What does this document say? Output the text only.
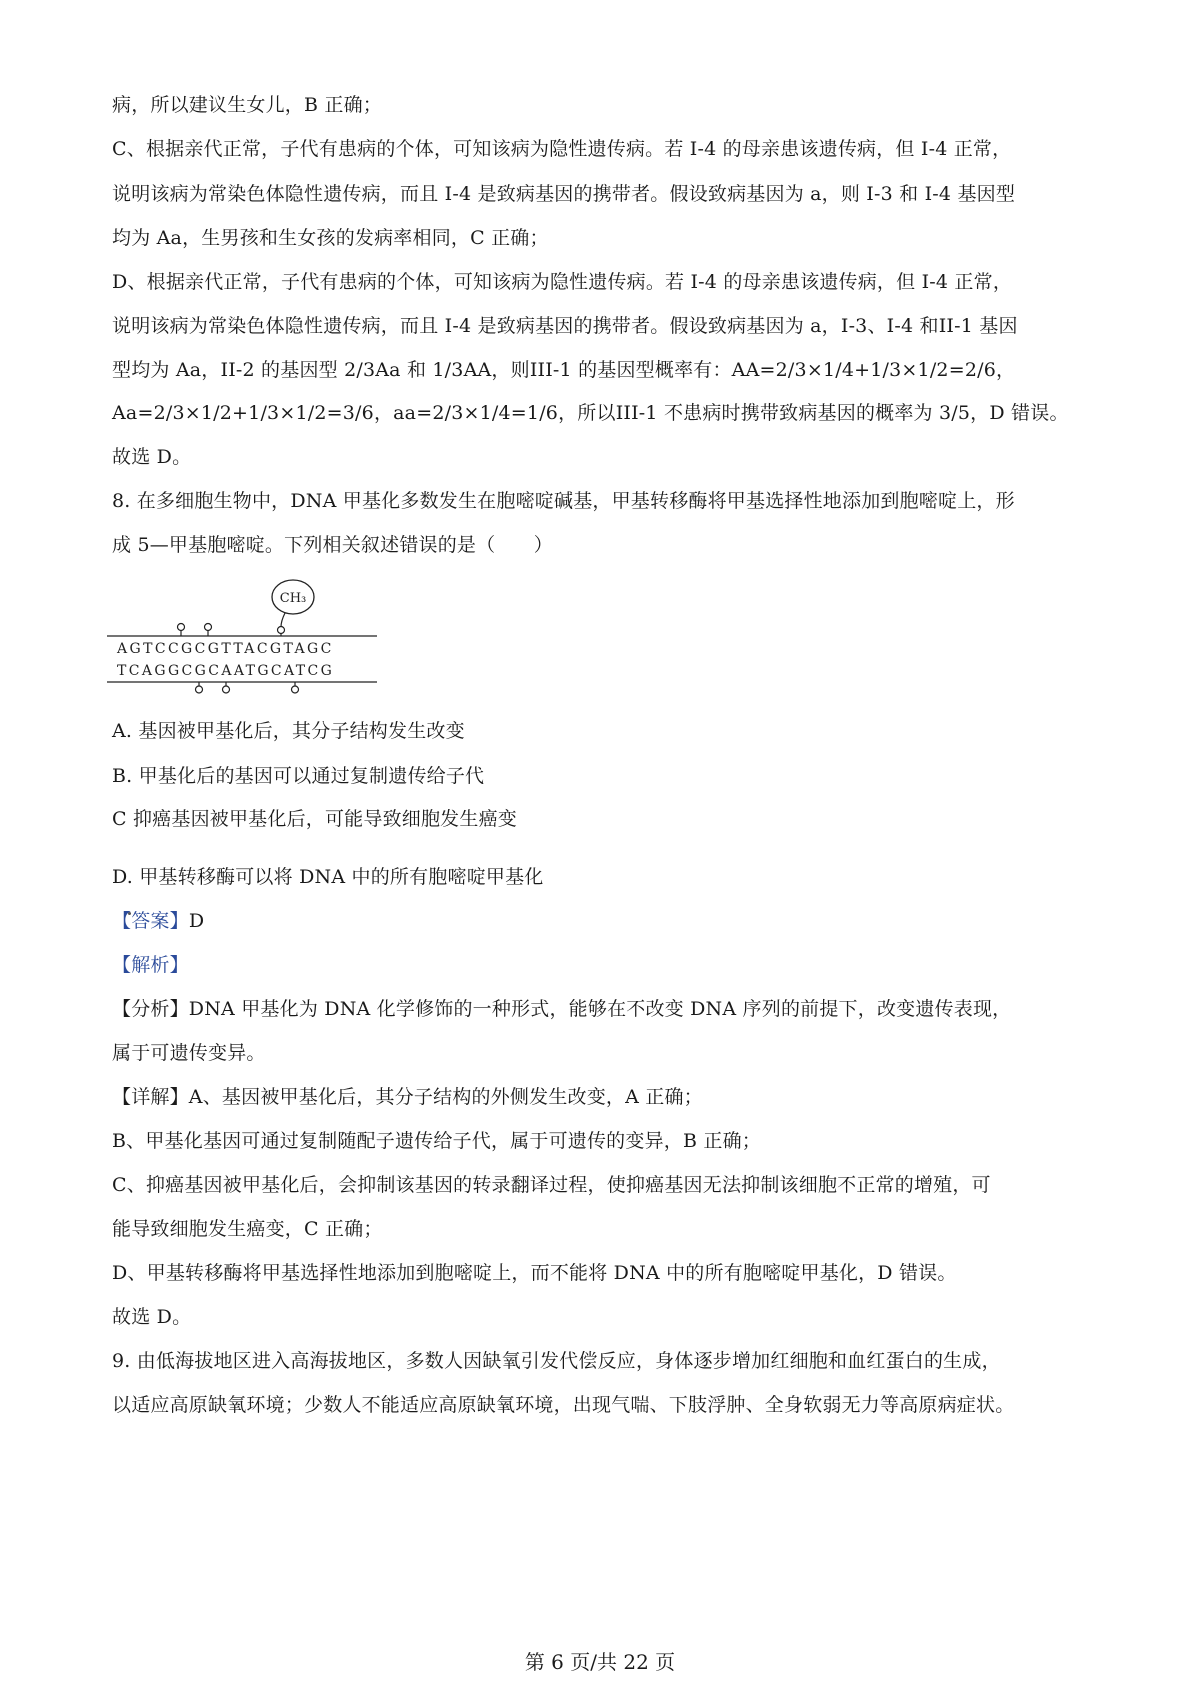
病，所以建议生女儿，B 正确；
C、根据亲代正常，子代有患病的个体，可知该病为隐性遗传病。若 I-4 的母亲患该遗传病，但 I-4 正常，
说明该病为常染色体隐性遗传病，而且 I-4 是致病基因的携带者。假设致病基因为 a，则 I-3 和 I-4 基因型
均为 Aa，生男孩和生女孩的发病率相同，C 正确；
D、根据亲代正常，子代有患病的个体，可知该病为隐性遗传病。若 I-4 的母亲患该遗传病，但 I-4 正常，
说明该病为常染色体隐性遗传病，而且 I-4 是致病基因的携带者。假设致病基因为 a，I-3、I-4 和II-1 基因
型均为 Aa，II-2 的基因型 2/3Aa 和 1/3AA，则III-1 的基因型概率有：AA=2/3×1/4+1/3×1/2=2/6，
Aa=2/3×1/2+1/3×1/2=3/6，aa=2/3×1/4=1/6，所以III-1 不患病时携带致病基因的概率为 3/5，D 错误。
故选 D。
8. 在多细胞生物中，DNA 甲基化多数发生在胞嘧啶碱基，甲基转移酶将甲基选择性地添加到胞嘧啶上，形
成 5—甲基胞嘧啶。下列相关叙述错误的是（　　）
CH₃
AGTCCGCGTTACGTAGC
TCAGGCGCAATGCATCG
A. 基因被甲基化后，其分子结构发生改变
B. 甲基化后的基因可以通过复制遗传给子代
C 抑癌基因被甲基化后，可能导致细胞发生癌变
D. 甲基转移酶可以将 DNA 中的所有胞嘧啶甲基化
【答案】D
【解析】
【分析】DNA 甲基化为 DNA 化学修饰的一种形式，能够在不改变 DNA 序列的前提下，改变遗传表现，
属于可遗传变异。
【详解】A、基因被甲基化后，其分子结构的外侧发生改变，A 正确；
B、甲基化基因可通过复制随配子遗传给子代，属于可遗传的变异，B 正确；
C、抑癌基因被甲基化后，会抑制该基因的转录翻译过程，使抑癌基因无法抑制该细胞不正常的增殖，可
能导致细胞发生癌变，C 正确；
D、甲基转移酶将甲基选择性地添加到胞嘧啶上，而不能将 DNA 中的所有胞嘧啶甲基化，D 错误。
故选 D。
9. 由低海拔地区进入高海拔地区，多数人因缺氧引发代偿反应，身体逐步增加红细胞和血红蛋白的生成，
以适应高原缺氧环境；少数人不能适应高原缺氧环境，出现气喘、下肢浮肿、全身软弱无力等高原病症状。
第 6 页/共 22 页
